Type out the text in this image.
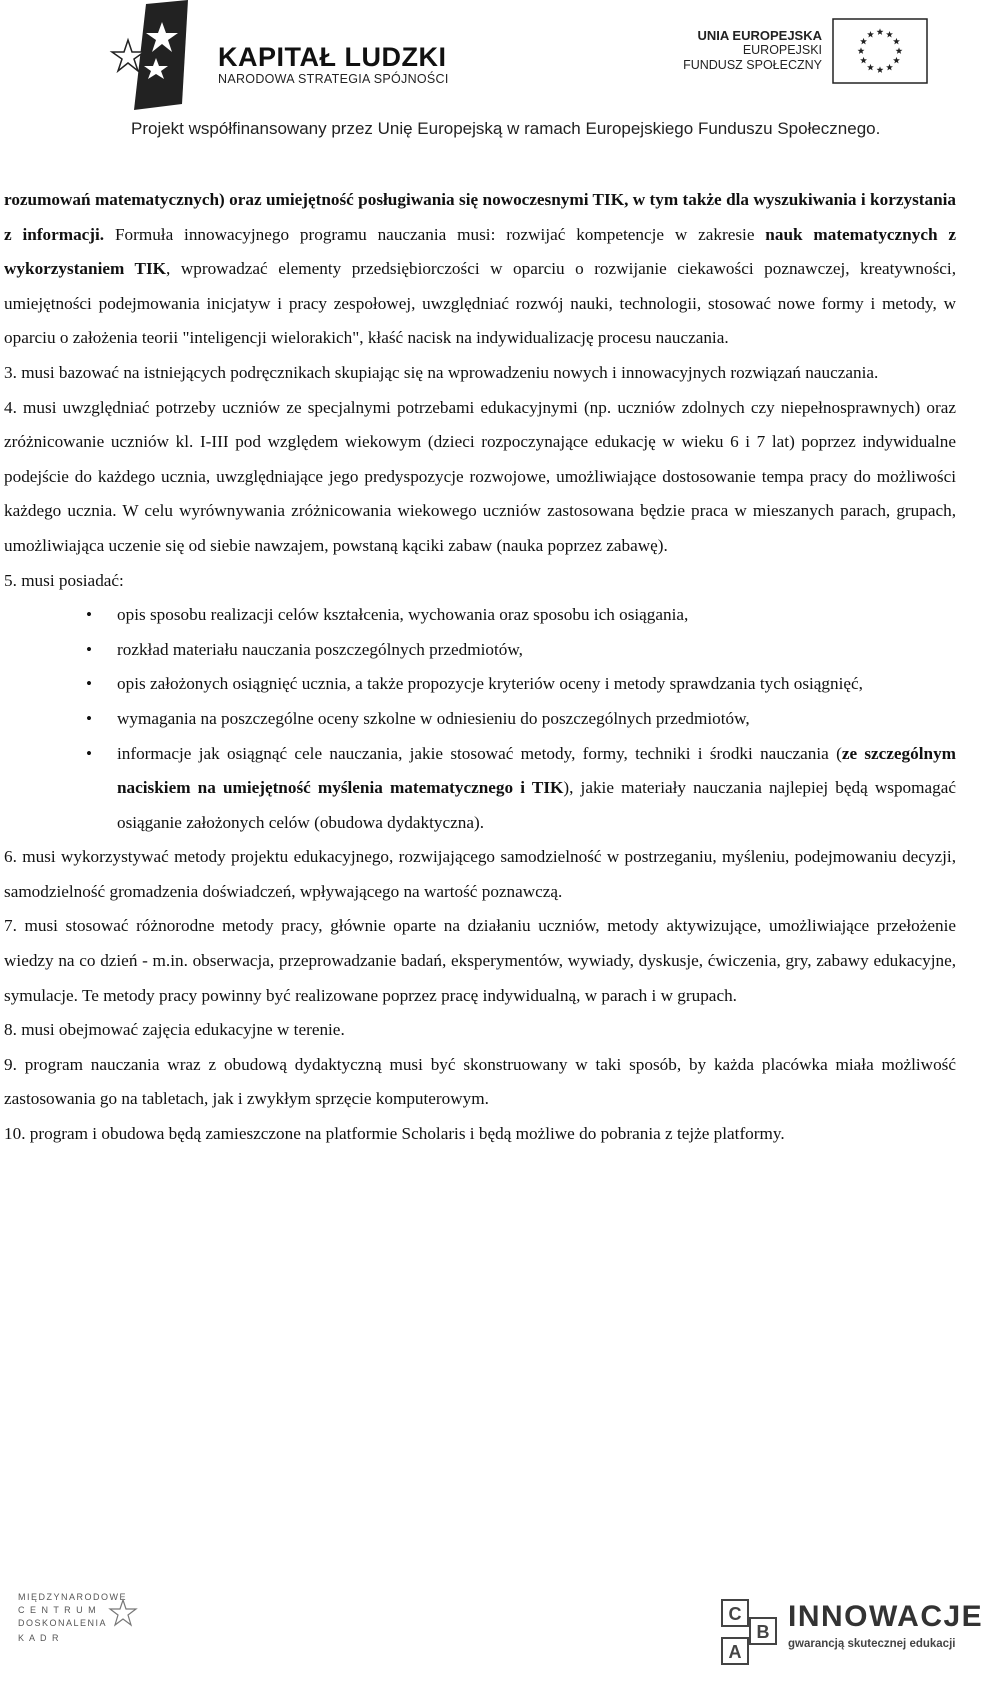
KAPITAŁ LUDZKI
NARODOWA STRATEGIA SPÓJNOŚCI
UNIA EUROPEJSKA
EUROPEJSKI
FUNDUSZ SPOŁECZNY
Projekt współfinansowany przez Unię Europejską w ramach Europejskiego Funduszu Społecznego.

rozumowań matematycznych) oraz umiejętność posługiwania się nowoczesnymi TIK, w tym także dla wyszukiwania i korzystania z informacji. Formuła innowacyjnego programu nauczania musi: rozwijać kompetencje w zakresie nauk matematycznych z wykorzystaniem TIK, wprowadzać elementy przedsiębiorczości w oparciu o rozwijanie ciekawości poznawczej, kreatywności, umiejętności podejmowania inicjatyw i pracy zespołowej, uwzględniać rozwój nauki, technologii, stosować nowe formy i metody, w oparciu o założenia teorii "inteligencji wielorakich", kłaść nacisk na indywidualizację procesu nauczania.

3. musi bazować na istniejących podręcznikach skupiając się na wprowadzeniu nowych i innowacyjnych rozwiązań nauczania.

4. musi uwzględniać potrzeby uczniów ze specjalnymi potrzebami edukacyjnymi (np. uczniów zdolnych czy niepełnosprawnych) oraz zróżnicowanie uczniów kl. I-III pod względem wiekowym (dzieci rozpoczynające edukację w wieku 6 i 7 lat) poprzez indywidualne podejście do każdego ucznia, uwzględniające jego predyspozycje rozwojowe, umożliwiające dostosowanie tempa pracy do możliwości każdego ucznia. W celu wyrównywania zróżnicowania wiekowego uczniów zastosowana będzie praca w mieszanych parach, grupach, umożliwiająca uczenie się od siebie nawzajem, powstaną kąciki zabaw (nauka poprzez zabawę).

5. musi posiadać:

• opis sposobu realizacji celów kształcenia, wychowania oraz sposobu ich osiągania,
• rozkład materiału nauczania poszczególnych przedmiotów,
• opis założonych osiągnięć ucznia, a także propozycje kryteriów oceny i metody sprawdzania tych osiągnięć,
• wymagania na poszczególne oceny szkolne w odniesieniu do poszczególnych przedmiotów,
• informacje jak osiągnąć cele nauczania, jakie stosować metody, formy, techniki i środki nauczania (ze szczególnym naciskiem na umiejętność myślenia matematycznego i TIK), jakie materiały nauczania najlepiej będą wspomagać osiąganie założonych celów (obudowa dydaktyczna).

6. musi wykorzystywać metody projektu edukacyjnego, rozwijającego samodzielność w postrzeganiu, myśleniu, podejmowaniu decyzji, samodzielność gromadzenia doświadczeń, wpływającego na wartość poznawczą.

7. musi stosować różnorodne metody pracy, głównie oparte na działaniu uczniów, metody aktywizujące, umożliwiające przełożenie wiedzy na co dzień - m.in. obserwacja, przeprowadzanie badań, eksperymentów, wywiady, dyskusje, ćwiczenia, gry, zabawy edukacyjne, symulacje. Te metody pracy powinny być realizowane poprzez pracę indywidualną, w parach i w grupach.

8. musi obejmować zajęcia edukacyjne w terenie.

9. program nauczania wraz z obudową dydaktyczną musi być skonstruowany w taki sposób, by każda placówka miała możliwość zastosowania go na tabletach, jak i zwykłym sprzęcie komputerowym.

10. program i obudowa będą zamieszczone na platformie Scholaris i będą możliwe do pobrania z tejże platformy.

MIĘDZYNARODOWE
C E N T R U M
DOSKONALENIA
K A D R
C
B
A
INNOWACJE
gwarancją skutecznej edukacji
